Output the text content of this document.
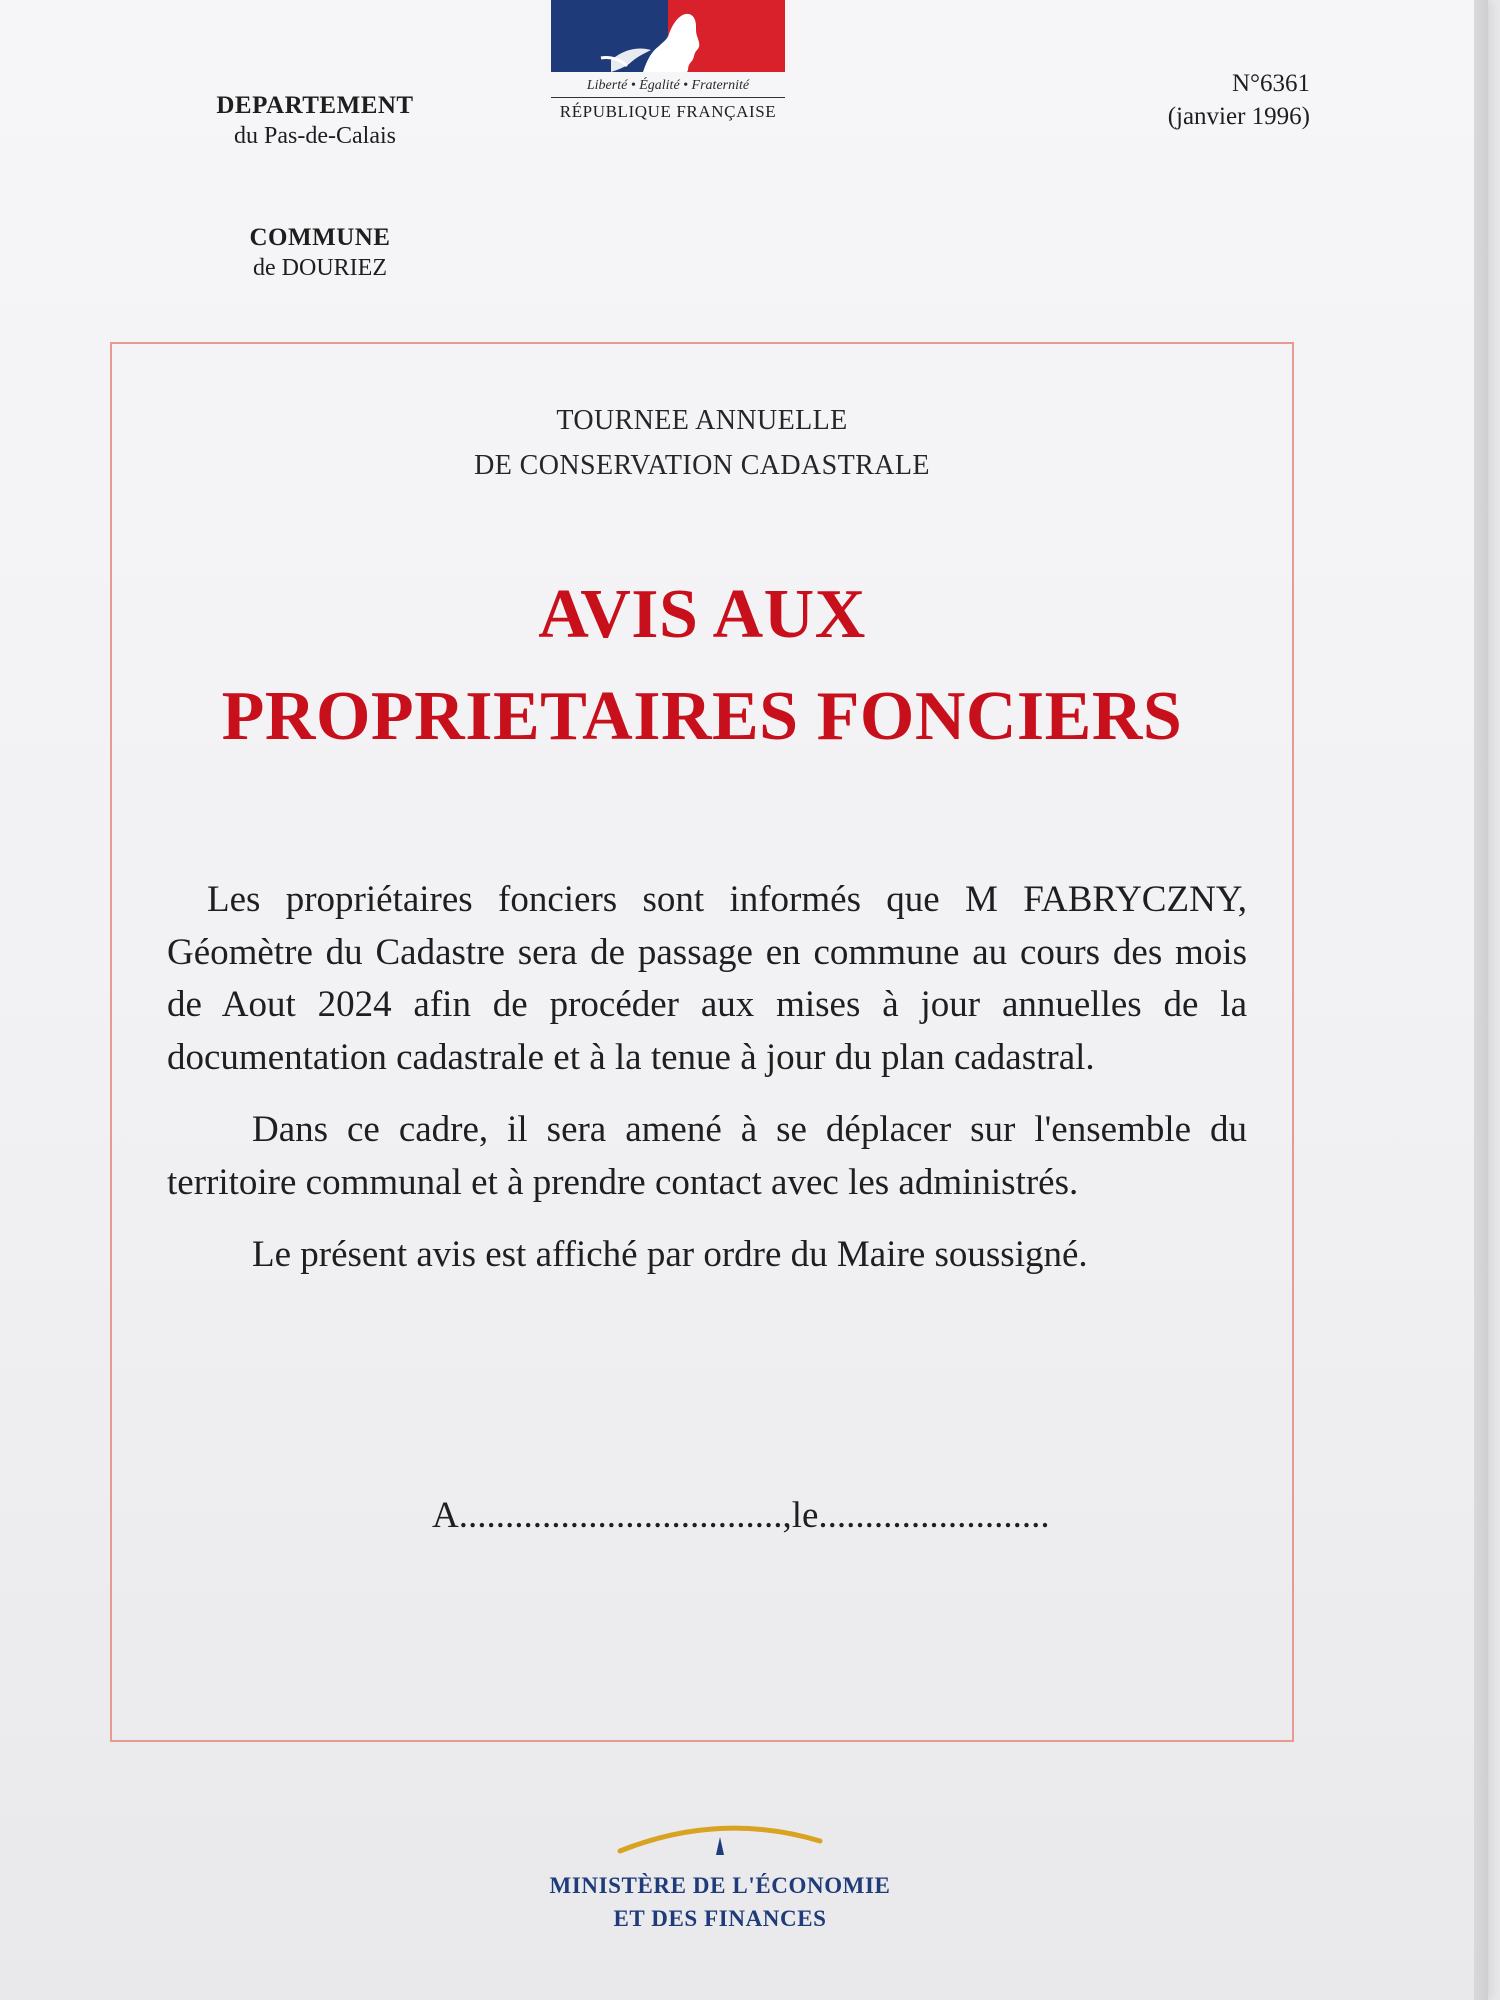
DEPARTEMENT
du Pas-de-Calais
Liberté • Égalité • Fraternité
RÉPUBLIQUE FRANÇAISE
N°6361
(janvier 1996)
COMMUNE
de DOURIEZ
TOURNEE ANNUELLE
DE CONSERVATION CADASTRALE
AVIS AUX
PROPRIETAIRES FONCIERS

Les propriétaires fonciers sont informés que M FABRYCZNY, Géomètre du Cadastre sera de passage en commune au cours des mois de Aout 2024 afin de procéder aux mises à jour annuelles de la documentation cadastrale et à la tenue à jour du plan cadastral.

Dans ce cadre, il sera amené à se déplacer sur l'ensemble du territoire communal et à prendre contact avec les administrés.

Le présent avis est affiché par ordre du Maire soussigné.

A...................................,le.........................
MINISTÈRE DE L'ÉCONOMIE
ET DES FINANCES
